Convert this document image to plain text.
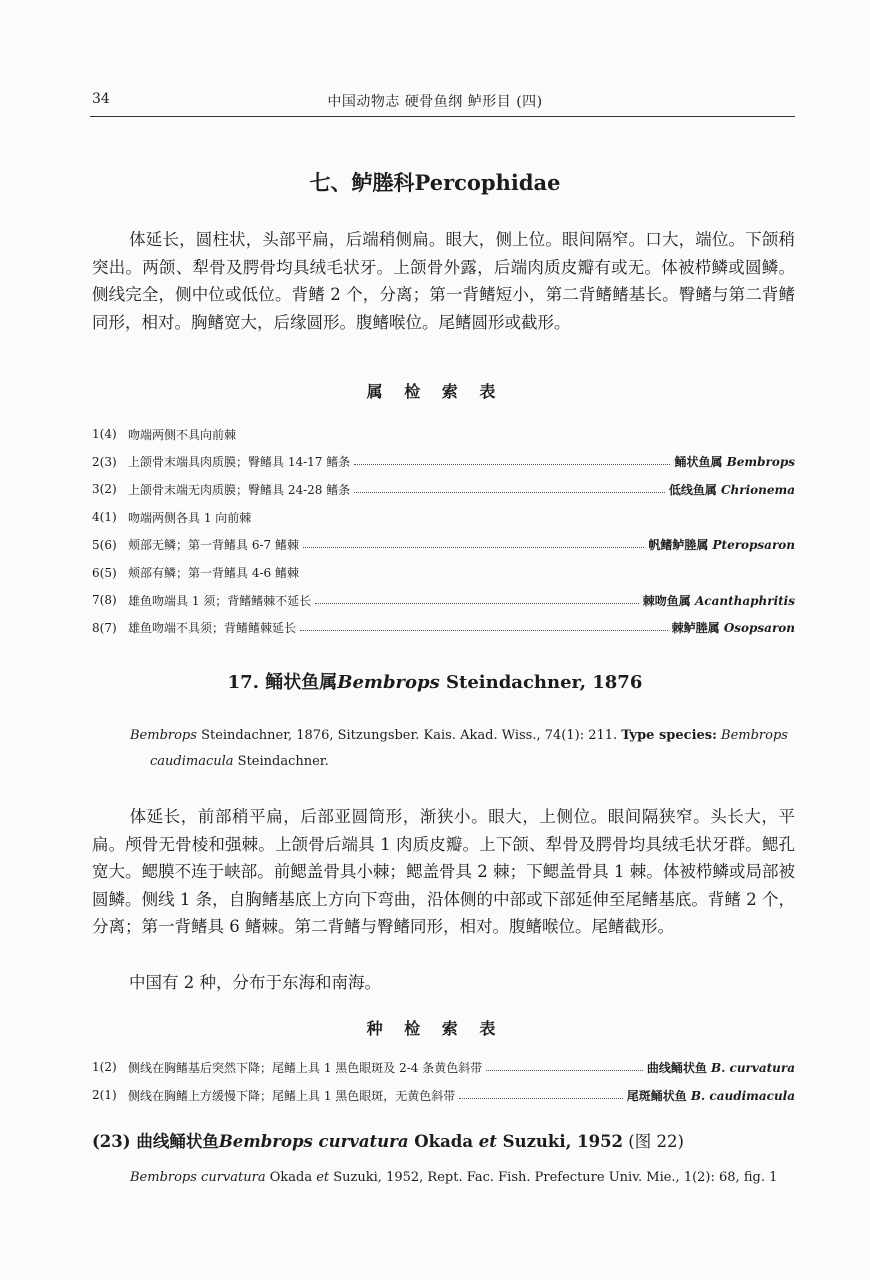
34	中国动物志 硬骨鱼纲 鲈形目 (四)
七、鲈塍科Percophidae
体延长，圆柱状，头部平扁，后端稍侧扁。眼大，侧上位。眼间隔窄。口大，端位。下颌稍突出。两颌、犁骨及腭骨均具绒毛状牙。上颌骨外露，后端肉质皮瓣有或无。体被栉鳞或圆鳞。侧线完全，侧中位或低位。背鳍 2 个，分离；第一背鳍短小，第二背鳍鳍基长。臀鳍与第二背鳍同形，相对。胸鳍宽大，后缘圆形。腹鳍喉位。尾鳍圆形或截形。
属 检 索 表
1(4) 吻端两侧不具向前棘
2(3) 上颌骨末端具肉质膜；臀鳍具 14-17 鳍条	鲬状鱼属 Bembrops
3(2) 上颌骨末端无肉质膜；臀鳍具 24-28 鳍条	低线鱼属 Chrionema
4(1) 吻端两侧各具 1 向前棘
5(6) 颊部无鳞；第一背鳍具 6-7 鳍棘	帆鳍鲈塍属 Pteropsaron
6(5) 颊部有鳞；第一背鳍具 4-6 鳍棘
7(8) 雄鱼吻端具 1 须；背鳍鳍棘不延长	棘吻鱼属 Acanthaphritis
8(7) 雄鱼吻端不具须；背鳍鳍棘延长	棘鲈塍属 Osopsaron
17. 鲬状鱼属Bembrops Steindachner, 1876
Bembrops Steindachner, 1876, Sitzungsber. Kais. Akad. Wiss., 74(1): 211. Type species: Bembrops
caudimacula Steindachner.
体延长，前部稍平扁，后部亚圆筒形，渐狭小。眼大，上侧位。眼间隔狭窄。头长大，平扁。颅骨无骨棱和强棘。上颌骨后端具 1 肉质皮瓣。上下颌、犁骨及腭骨均具绒毛状牙群。鳃孔宽大。鳃膜不连于峡部。前鳃盖骨具小棘；鳃盖骨具 2 棘；下鳃盖骨具 1 棘。体被栉鳞或局部被圆鳞。侧线 1 条，自胸鳍基底上方向下弯曲，沿体侧的中部或下部延伸至尾鳍基底。背鳍 2 个，分离；第一背鳍具 6 鳍棘。第二背鳍与臀鳍同形，相对。腹鳍喉位。尾鳍截形。
中国有 2 种，分布于东海和南海。
种 检 索 表
1(2) 侧线在胸鳍基后突然下降；尾鳍上具 1 黑色眼斑及 2-4 条黄色斜带	曲线鲬状鱼 B. curvatura
2(1) 侧线在胸鳍上方缓慢下降；尾鳍上具 1 黑色眼斑，无黄色斜带	尾斑鲬状鱼 B. caudimacula
(23) 曲线鲬状鱼Bembrops curvatura Okada et Suzuki, 1952 (图 22)
Bembrops curvatura Okada et Suzuki, 1952, Rept. Fac. Fish. Prefecture Univ. Mie., 1(2): 68, fig. 1
